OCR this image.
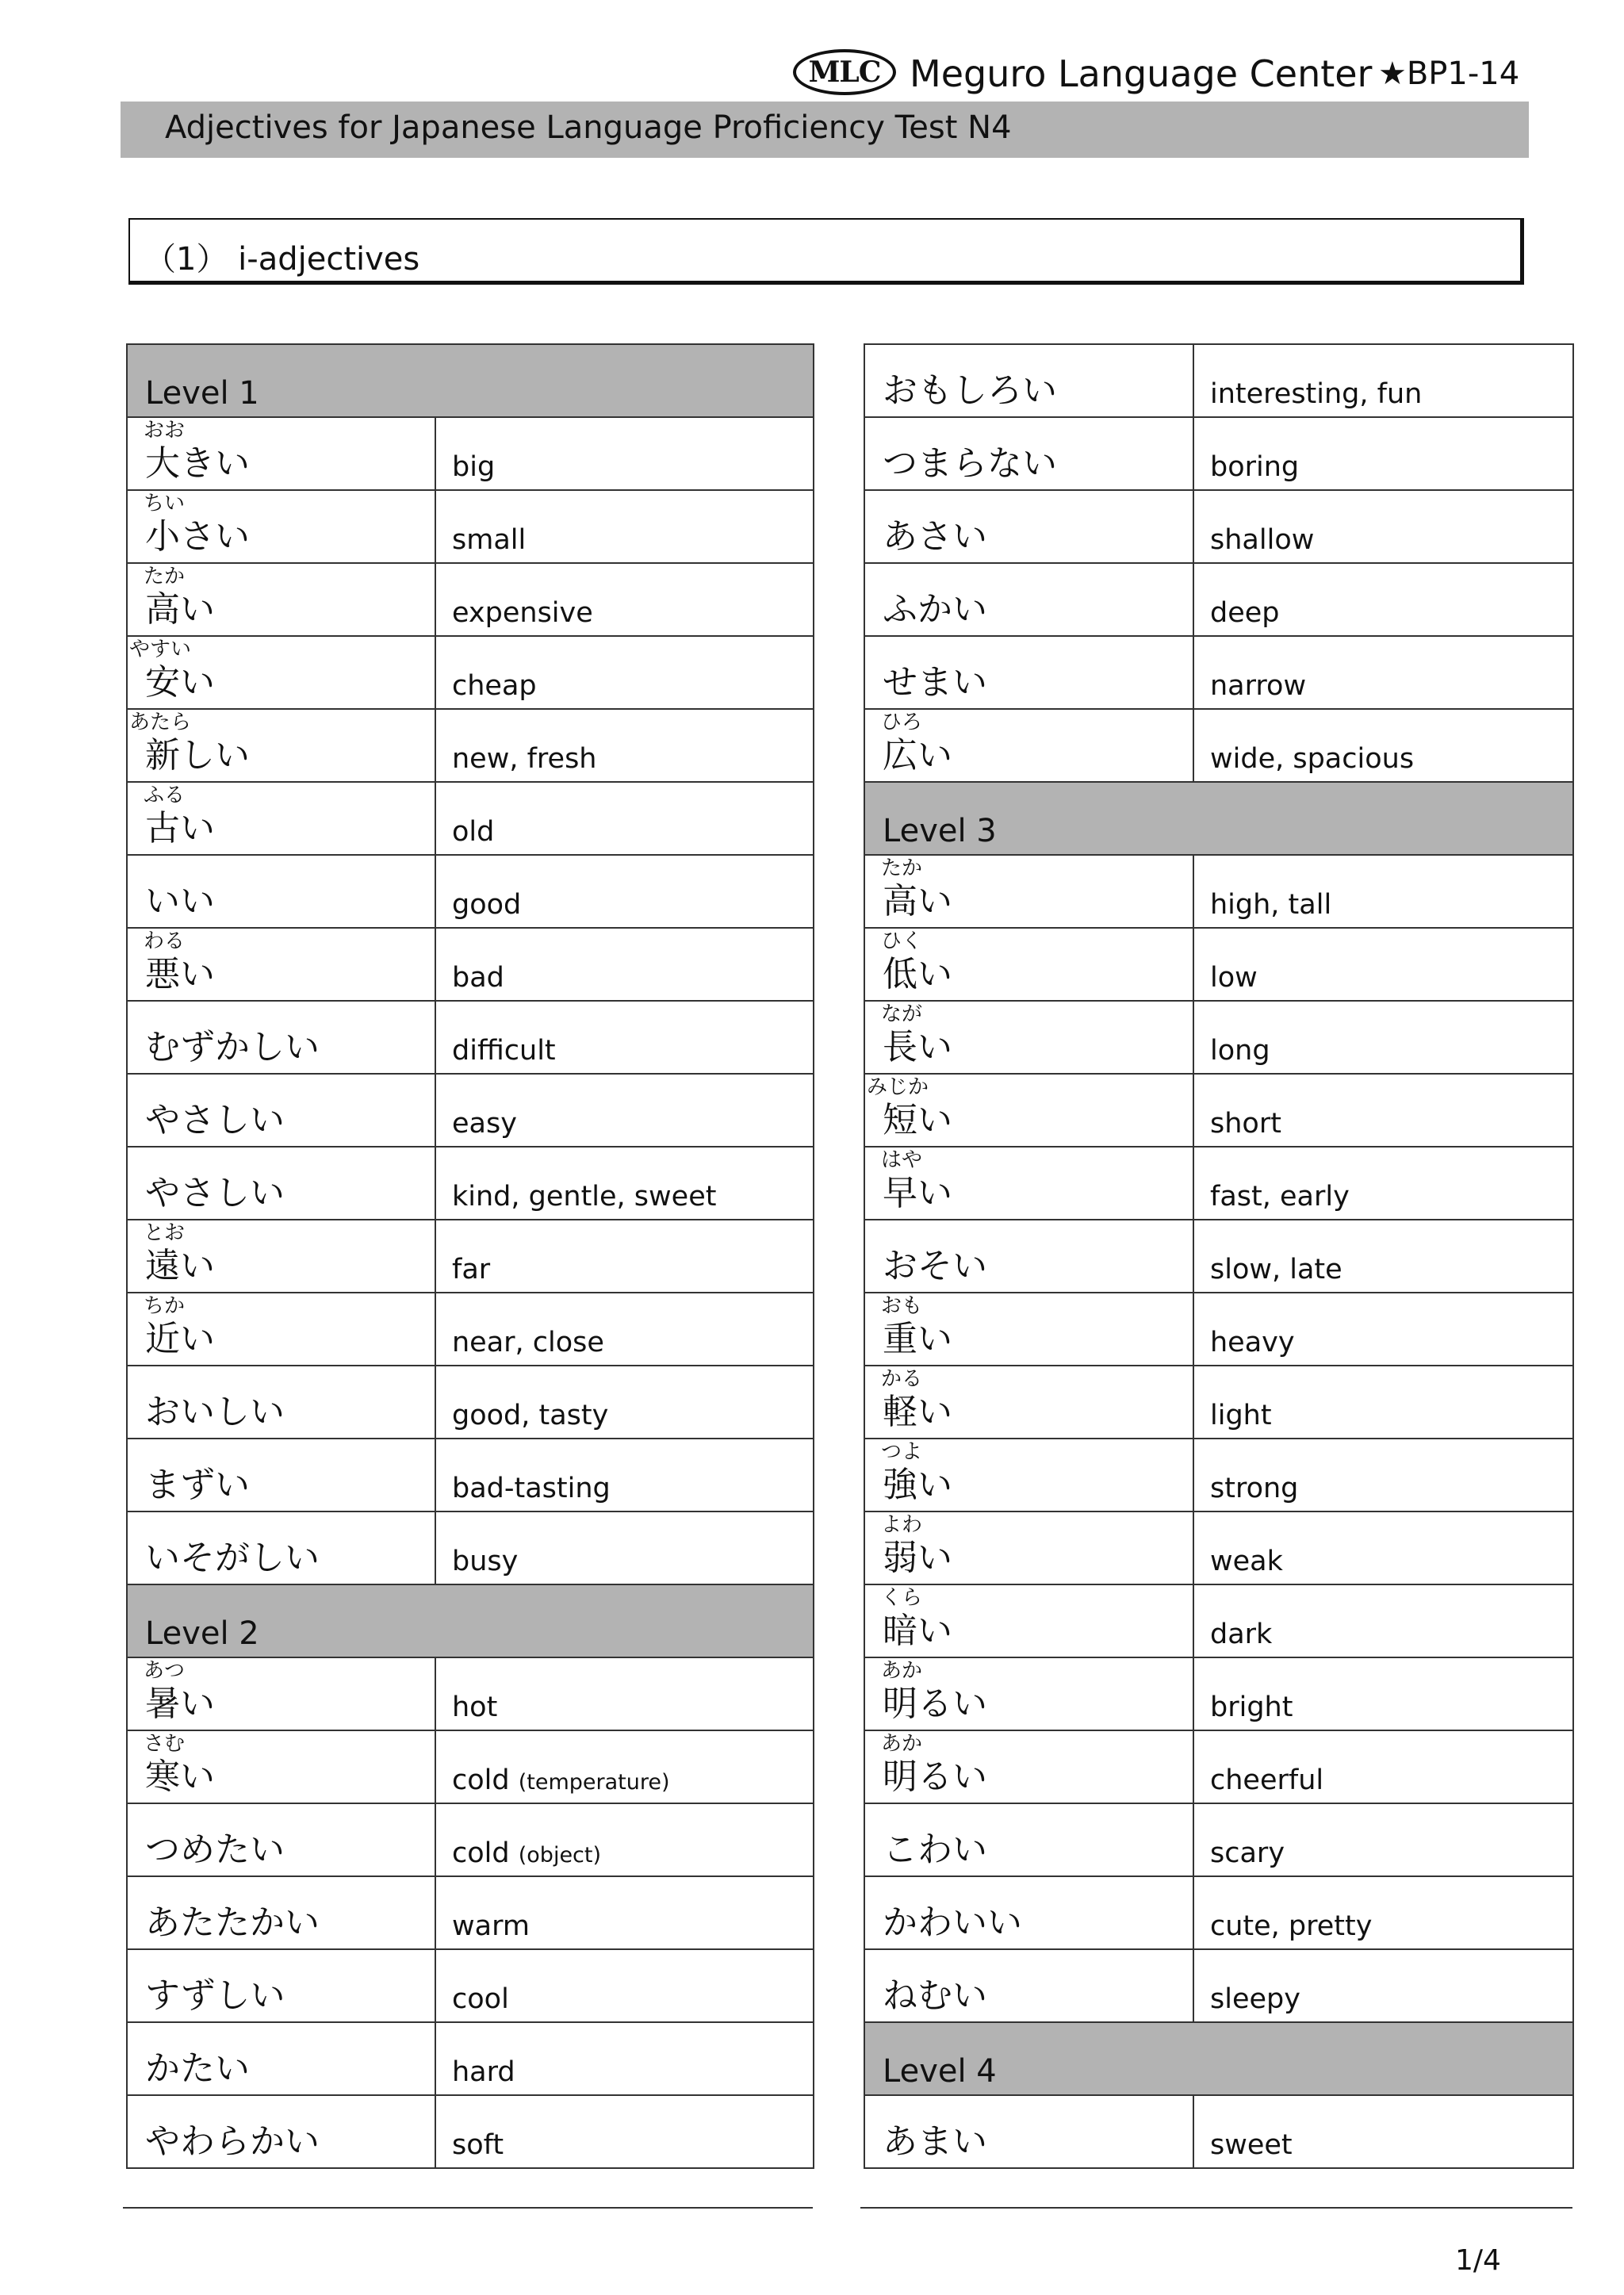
MLC Meguro Language Center ★BP1-14
Adjectives for Japanese Language Proficiency Test N4
（1） i-adjectives
Level 1	

おお
大きい	big

ちい
小さい	small

たか
高い	expensive

やすい
安い	cheap

あたら
新しい	new, fresh

ふる
古い	old

いい	good

わる
悪い	bad

むずかしい	difficult

やさしい	easy

やさしい	kind, gentle, sweet

とお
遠い	far

ちか
近い	near, close

おいしい	good, tasty

まずい	bad-tasting

いそがしい	busy
Level 2	

あつ
暑い	hot

さむ
寒い	cold (temperature)

つめたい	cold (object)

あたたかい	warm

すずしい	cool

かたい	hard

やわらかい	soft
おもしろい	interesting, fun

つまらない	boring

あさい	shallow

ふかい	deep

せまい	narrow

ひろ
広い	wide, spacious
Level 3	

たか
高い	high, tall

ひく
低い	low

なが
長い	long

みじか
短い	short

はや
早い	fast, early

おそい	slow, late

おも
重い	heavy

かる
軽い	light

つよ
強い	strong

よわ
弱い	weak

くら
暗い	dark

あか
明るい	bright

あか
明るい	cheerful

こわい	scary

かわいい	cute, pretty

ねむい	sleepy
Level 4	

あまい	sweet
1/4
